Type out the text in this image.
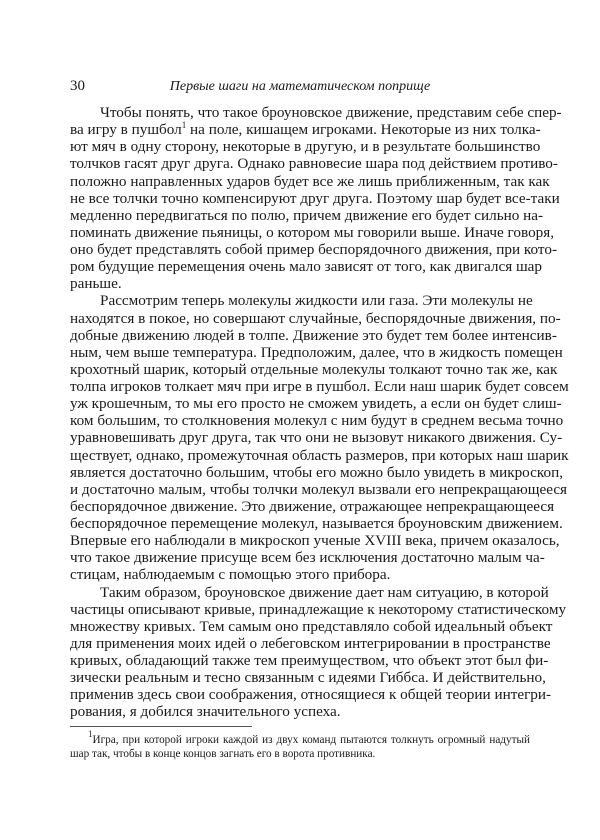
30	Первые шаги на математическом поприще
Чтобы понять, что такое броуновское движение, представим себе спер-
ва игру в пушбол$^1$ на поле, кишащем игроками. Некоторые из них толка-
ют мяч в одну сторону, некоторые в другую, и в результате большинство
толчков гасят друг друга. Однако равновесие шара под действием противо-
положно направленных ударов будет все же лишь приближенным, так как
не все толчки точно компенсируют друг друга. Поэтому шар будет все-таки
медленно передвигаться по полю, причем движение его будет сильно на-
поминать движение пьяницы, о котором мы говорили выше. Иначе говоря,
оно будет представлять собой пример беспорядочного движения, при кото-
ром будущие перемещения очень мало зависят от того, как двигался шар
раньше.
Рассмотрим теперь молекулы жидкости или газа. Эти молекулы не
находятся в покое, но совершают случайные, беспорядочные движения, по-
добные движению людей в толпе. Движение это будет тем более интенсив-
ным, чем выше температура. Предположим, далее, что в жидкость помещен
крохотный шарик, который отдельные молекулы толкают точно так же, как
толпа игроков толкает мяч при игре в пушбол. Если наш шарик будет совсем
уж крошечным, то мы его просто не сможем увидеть, а если он будет слиш-
ком большим, то столкновения молекул с ним будут в среднем весьма точно
уравновешивать друг друга, так что они не вызовут никакого движения. Су-
ществует, однако, промежуточная область размеров, при которых наш шарик
является достаточно большим, чтобы его можно было увидеть в микроскоп,
и достаточно малым, чтобы толчки молекул вызвали его непрекращающееся
беспорядочное движение. Это движение, отражающее непрекращающееся
беспорядочное перемещение молекул, называется броуновским движением.
Впервые его наблюдали в микроскоп ученые XVIII века, причем оказалось,
что такое движение присуще всем без исключения достаточно малым ча-
стицам, наблюдаемым с помощью этого прибора.
Таким образом, броуновское движение дает нам ситуацию, в которой
частицы описывают кривые, принадлежащие к некоторому статистическому
множеству кривых. Тем самым оно представляло собой идеальный объект
для применения моих идей о лебеговском интегрировании в пространстве
кривых, обладающий также тем преимуществом, что объект этот был фи-
зически реальным и тесно связанным с идеями Гиббса. И действительно,
применив здесь свои соображения, относящиеся к общей теории интегри-
рования, я добился значительного успеха.
$^1$Игра, при которой игроки каждой из двух команд пытаются толкнуть огромный надутый
шар так, чтобы в конце концов загнать его в ворота противника.
